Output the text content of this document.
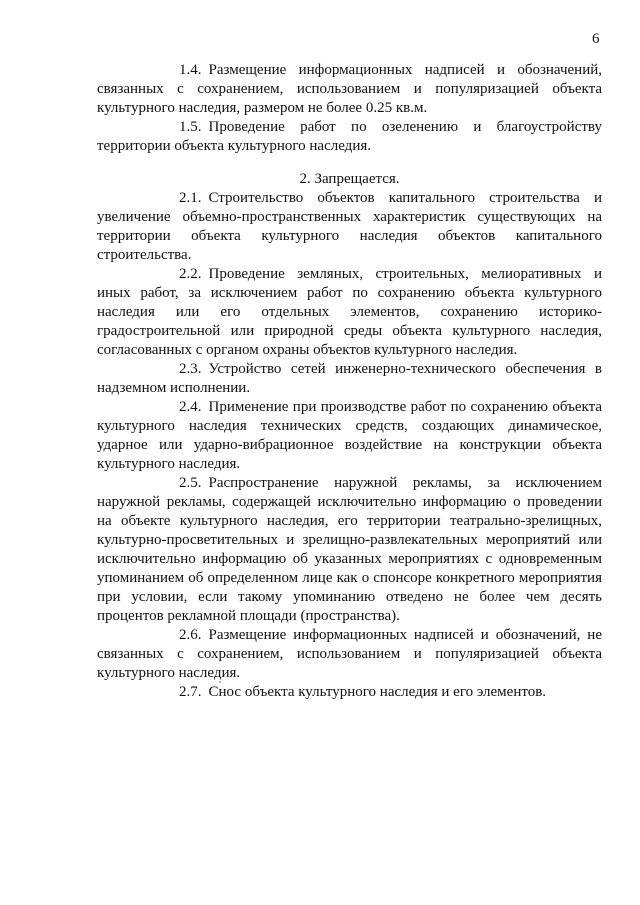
6

1.4. Размещение информационных надписей и обозначений, связанных с сохранением, использованием и популяризацией объекта культурного наследия, размером не более 0.25 кв.м.

1.5. Проведение работ по озеленению и благоустройству территории объекта культурного наследия.

2. Запрещается.

2.1. Строительство объектов капитального строительства и увеличение объемно-пространственных характеристик существующих на территории объекта культурного наследия объектов капитального строительства.

2.2. Проведение земляных, строительных, мелиоративных и иных работ, за исключением работ по сохранению объекта культурного наследия или его отдельных элементов, сохранению историко-градостроительной или природной среды объекта культурного наследия, согласованных с органом охраны объектов культурного наследия.

2.3. Устройство сетей инженерно-технического обеспечения в надземном исполнении.

2.4. Применение при производстве работ по сохранению объекта культурного наследия технических средств, создающих динамическое, ударное или ударно-вибрационное воздействие на конструкции объекта культурного наследия.

2.5. Распространение наружной рекламы, за исключением наружной рекламы, содержащей исключительно информацию о проведении на объекте культурного наследия, его территории театрально-зрелищных, культурно-просветительных и зрелищно-развлекательных мероприятий или исключительно информацию об указанных мероприятиях с одновременным упоминанием об определенном лице как о спонсоре конкретного мероприятия при условии, если такому упоминанию отведено не более чем десять процентов рекламной площади (пространства).

2.6. Размещение информационных надписей и обозначений, не связанных с сохранением, использованием и популяризацией объекта культурного наследия.

2.7. Снос объекта культурного наследия и его элементов.
